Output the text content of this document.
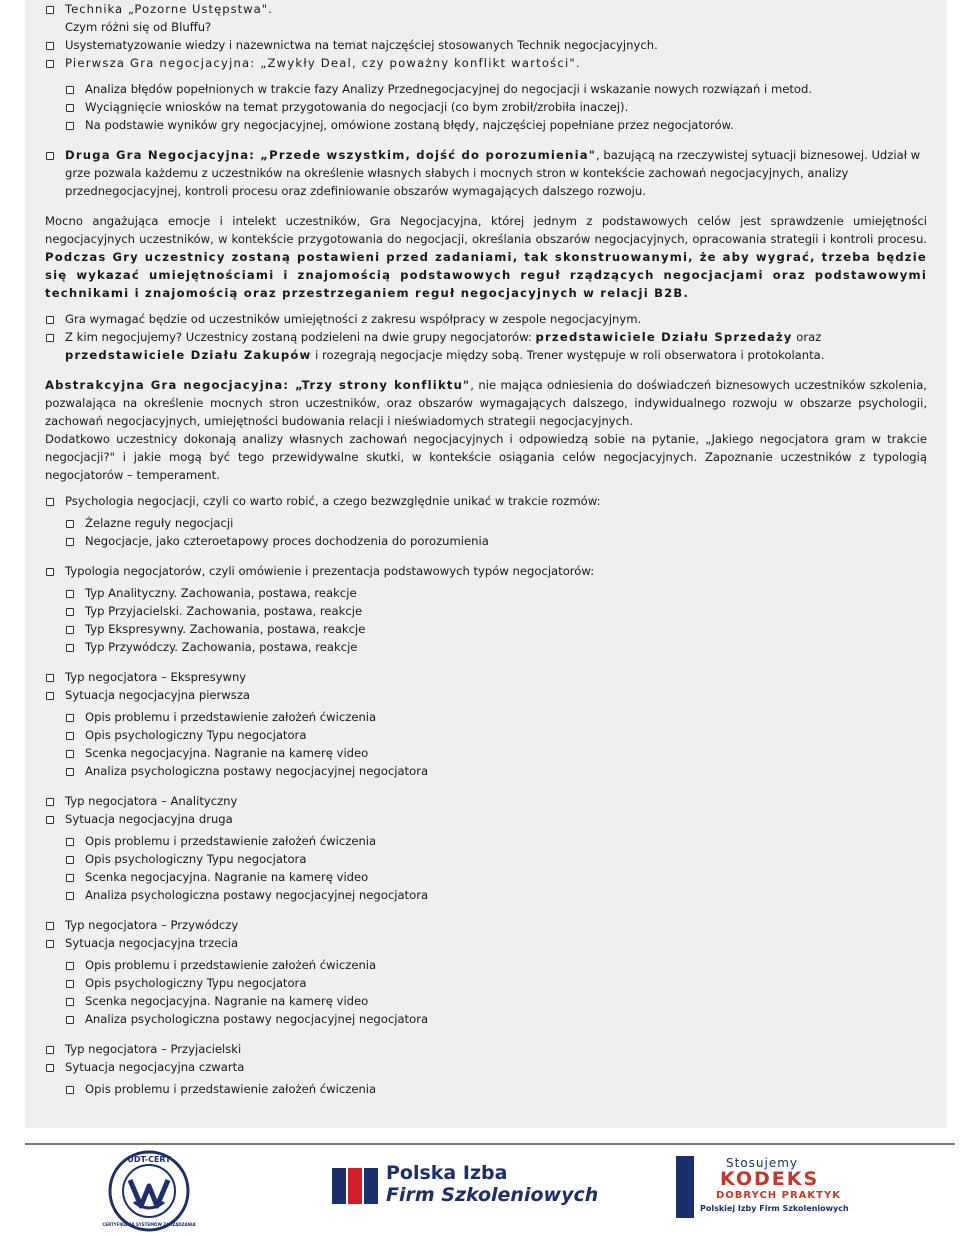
Technika „Pozorne Ustępstwa".
Czym różni się od Bluffu?
Usystematyzowanie wiedzy i nazewnictwa na temat najczęściej stosowanych Technik negocjacyjnych.
Pierwsza Gra negocjacyjna: „Zwykły Deal, czy poważny konflikt wartości".
Analiza błędów popełnionych w trakcie fazy Analizy Przednegocjacyjnej do negocjacji i wskazanie nowych rozwiązań i metod.
Wyciągnięcie wniosków na temat przygotowania do negocjacji (co bym zrobił/zrobiła inaczej).
Na podstawie wyników gry negocjacyjnej, omówione zostaną błędy, najczęściej popełniane przez negocjatorów.
Druga Gra Negocjacyjna: „Przede wszystkim, dojść do porozumienia", bazującą na rzeczywistej sytuacji biznesowej. Udział w grze pozwala każdemu z uczestników na określenie własnych słabych i mocnych stron w kontekście zachowań negocjacyjnych, analizy przednegocjacyjnej, kontroli procesu oraz zdefiniowanie obszarów wymagających dalszego rozwoju.

Mocno angażująca emocje i intelekt uczestników, Gra Negocjacyjna, której jednym z podstawowych celów jest sprawdzenie umiejętności negocjacyjnych uczestników, w kontekście przygotowania do negocjacji, określania obszarów negocjacyjnych, opracowania strategii i kontroli procesu. Podczas Gry uczestnicy zostaną postawieni przed zadaniami, tak skonstruowanymi, że aby wygrać, trzeba będzie się wykazać umiejętnościami i znajomością podstawowych reguł rządzących negocjacjami oraz podstawowymi technikami i znajomością oraz przestrzeganiem reguł negocjacyjnych w relacji B2B.

Gra wymagać będzie od uczestników umiejętności z zakresu współpracy w zespole negocjacyjnym.
Z kim negocjujemy? Uczestnicy zostaną podzieleni na dwie grupy negocjatorów: przedstawiciele Działu Sprzedaży oraz przedstawiciele Działu Zakupów i rozegrają negocjacje między sobą. Trener występuje w roli obserwatora i protokolanta.

Abstrakcyjna Gra negocjacyjna: „Trzy strony konfliktu", nie mająca odniesienia do doświadczeń biznesowych uczestników szkolenia, pozwalająca na określenie mocnych stron uczestników, oraz obszarów wymagających dalszego, indywidualnego rozwoju w obszarze psychologii, zachowań negocjacyjnych, umiejętności budowania relacji i nieświadomych strategii negocjacyjnych.

Dodatkowo uczestnicy dokonają analizy własnych zachowań negocjacyjnych i odpowiedzą sobie na pytanie, „Jakiego negocjatora gram w trakcie negocjacji?" i jakie mogą być tego przewidywalne skutki, w kontekście osiągania celów negocjacyjnych. Zapoznanie uczestników z typologią negocjatorów – temperament.

Psychologia negocjacji, czyli co warto robić, a czego bezwzględnie unikać w trakcie rozmów:
Żelazne reguły negocjacji
Negocjacje, jako czteroetapowy proces dochodzenia do porozumienia
Typologia negocjatorów, czyli omówienie i prezentacja podstawowych typów negocjatorów:
Typ Analityczny. Zachowania, postawa, reakcje
Typ Przyjacielski. Zachowania, postawa, reakcje
Typ Ekspresywny. Zachowania, postawa, reakcje
Typ Przywódczy. Zachowania, postawa, reakcje
Typ negocjatora – Ekspresywny
Sytuacja negocjacyjna pierwsza
Opis problemu i przedstawienie założeń ćwiczenia
Opis psychologiczny Typu negocjatora
Scenka negocjacyjna. Nagranie na kamerę video
Analiza psychologiczna postawy negocjacyjnej negocjatora
Typ negocjatora – Analityczny
Sytuacja negocjacyjna druga
Opis problemu i przedstawienie założeń ćwiczenia
Opis psychologiczny Typu negocjatora
Scenka negocjacyjna. Nagranie na kamerę video
Analiza psychologiczna postawy negocjacyjnej negocjatora
Typ negocjatora – Przywódczy
Sytuacja negocjacyjna trzecia
Opis problemu i przedstawienie założeń ćwiczenia
Opis psychologiczny Typu negocjatora
Scenka negocjacyjna. Nagranie na kamerę video
Analiza psychologiczna postawy negocjacyjnej negocjatora
Typ negocjatora – Przyjacielski
Sytuacja negocjacyjna czwarta
Opis problemu i przedstawienie założeń ćwiczenia
UDT-CERT
CERTYFIKACJA SYSTEMÓW ZARZĄDZANIA
Polska Izba
Firm Szkoleniowych
Stosujemy
KODEKS
DOBRYCH PRAKTYK
Polskiej Izby Firm Szkoleniowych
